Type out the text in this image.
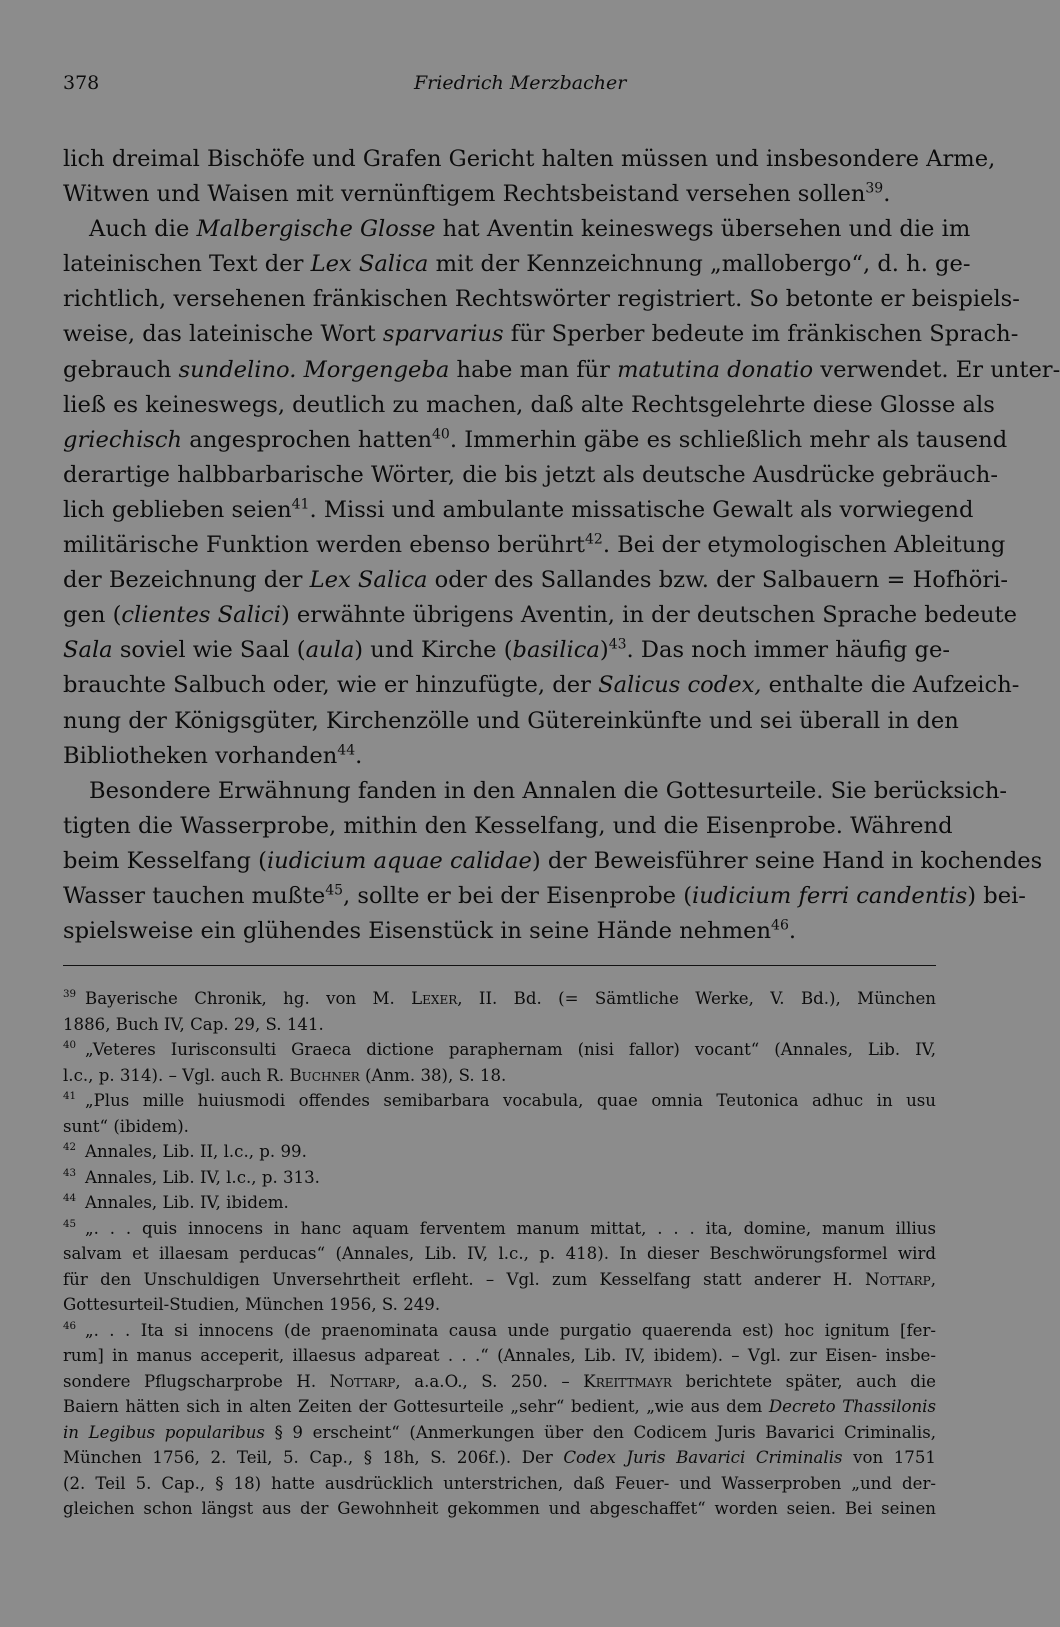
378	Friedrich Merzbacher
lich dreimal Bischöfe und Grafen Gericht halten müssen und insbesondere Arme,
Witwen und Waisen mit vernünftigem Rechtsbeistand versehen sollen$^{39}$.
Auch die Malbergische Glosse hat Aventin keineswegs übersehen und die im
lateinischen Text der Lex Salica mit der Kennzeichnung „mallobergo“, d. h. ge-
richtlich, versehenen fränkischen Rechtswörter registriert. So betonte er beispiels-
weise, das lateinische Wort sparvarius für Sperber bedeute im fränkischen Sprach-
gebrauch sundelino. Morgengeba habe man für matutina donatio verwendet. Er unter-
ließ es keineswegs, deutlich zu machen, daß alte Rechtsgelehrte diese Glosse als
griechisch angesprochen hatten$^{40}$. Immerhin gäbe es schließlich mehr als tausend
derartige halbbarbarische Wörter, die bis jetzt als deutsche Ausdrücke gebräuch-
lich geblieben seien$^{41}$. Missi und ambulante missatische Gewalt als vorwiegend
militärische Funktion werden ebenso berührt$^{42}$. Bei der etymologischen Ableitung
der Bezeichnung der Lex Salica oder des Sallandes bzw. der Salbauern = Hofhöri-
gen (clientes Salici) erwähnte übrigens Aventin, in der deutschen Sprache bedeute
Sala soviel wie Saal (aula) und Kirche (basilica)$^{43}$. Das noch immer häufig ge-
brauchte Salbuch oder, wie er hinzufügte, der Salicus codex, enthalte die Aufzeich-
nung der Königsgüter, Kirchenzölle und Gütereinkünfte und sei überall in den
Bibliotheken vorhanden$^{44}$.
Besondere Erwähnung fanden in den Annalen die Gottesurteile. Sie berücksich-
tigten die Wasserprobe, mithin den Kesselfang, und die Eisenprobe. Während
beim Kesselfang (iudicium aquae calidae) der Beweisführer seine Hand in kochendes
Wasser tauchen mußte$^{45}$, sollte er bei der Eisenprobe (iudicium ferri candentis) bei-
spielsweise ein glühendes Eisenstück in seine Hände nehmen$^{46}$.
$^{39}$ Bayerische Chronik, hg. von M. Lexer, II. Bd. (= Sämtliche Werke, V. Bd.), München
1886, Buch IV, Cap. 29, S. 141.
$^{40}$ „Veteres Iurisconsulti Graeca dictione paraphernam (nisi fallor) vocant“ (Annales, Lib. IV,
l.c., p. 314). – Vgl. auch R. Buchner (Anm. 38), S. 18.
$^{41}$ „Plus mille huiusmodi offendes semibarbara vocabula, quae omnia Teutonica adhuc in usu
sunt“ (ibidem).
$^{42}$ Annales, Lib. II, l.c., p. 99.
$^{43}$ Annales, Lib. IV, l.c., p. 313.
$^{44}$ Annales, Lib. IV, ibidem.
$^{45}$ „. . . quis innocens in hanc aquam ferventem manum mittat, . . . ita, domine, manum illius
salvam et illaesam perducas“ (Annales, Lib. IV, l.c., p. 418). In dieser Beschwörungsformel wird
für den Unschuldigen Unversehrtheit erfleht. – Vgl. zum Kesselfang statt anderer H. Nottarp,
Gottesurteil-Studien, München 1956, S. 249.
$^{46}$ „. . . Ita si innocens (de praenominata causa unde purgatio quaerenda est) hoc ignitum [fer-
rum] in manus acceperit, illaesus adpareat . . .“ (Annales, Lib. IV, ibidem). – Vgl. zur Eisen- insbe-
sondere Pflugscharprobe H. Nottarp, a.a.O., S. 250. – Kreittmayr berichtete später, auch die
Baiern hätten sich in alten Zeiten der Gottesurteile „sehr“ bedient, „wie aus dem Decreto Thassilonis
in Legibus popularibus § 9 erscheint“ (Anmerkungen über den Codicem Juris Bavarici Criminalis,
München 1756, 2. Teil, 5. Cap., § 18h, S. 206f.). Der Codex Juris Bavarici Criminalis von 1751
(2. Teil 5. Cap., § 18) hatte ausdrücklich unterstrichen, daß Feuer- und Wasserproben „und der-
gleichen schon längst aus der Gewohnheit gekommen und abgeschaffet“ worden seien. Bei seinen
